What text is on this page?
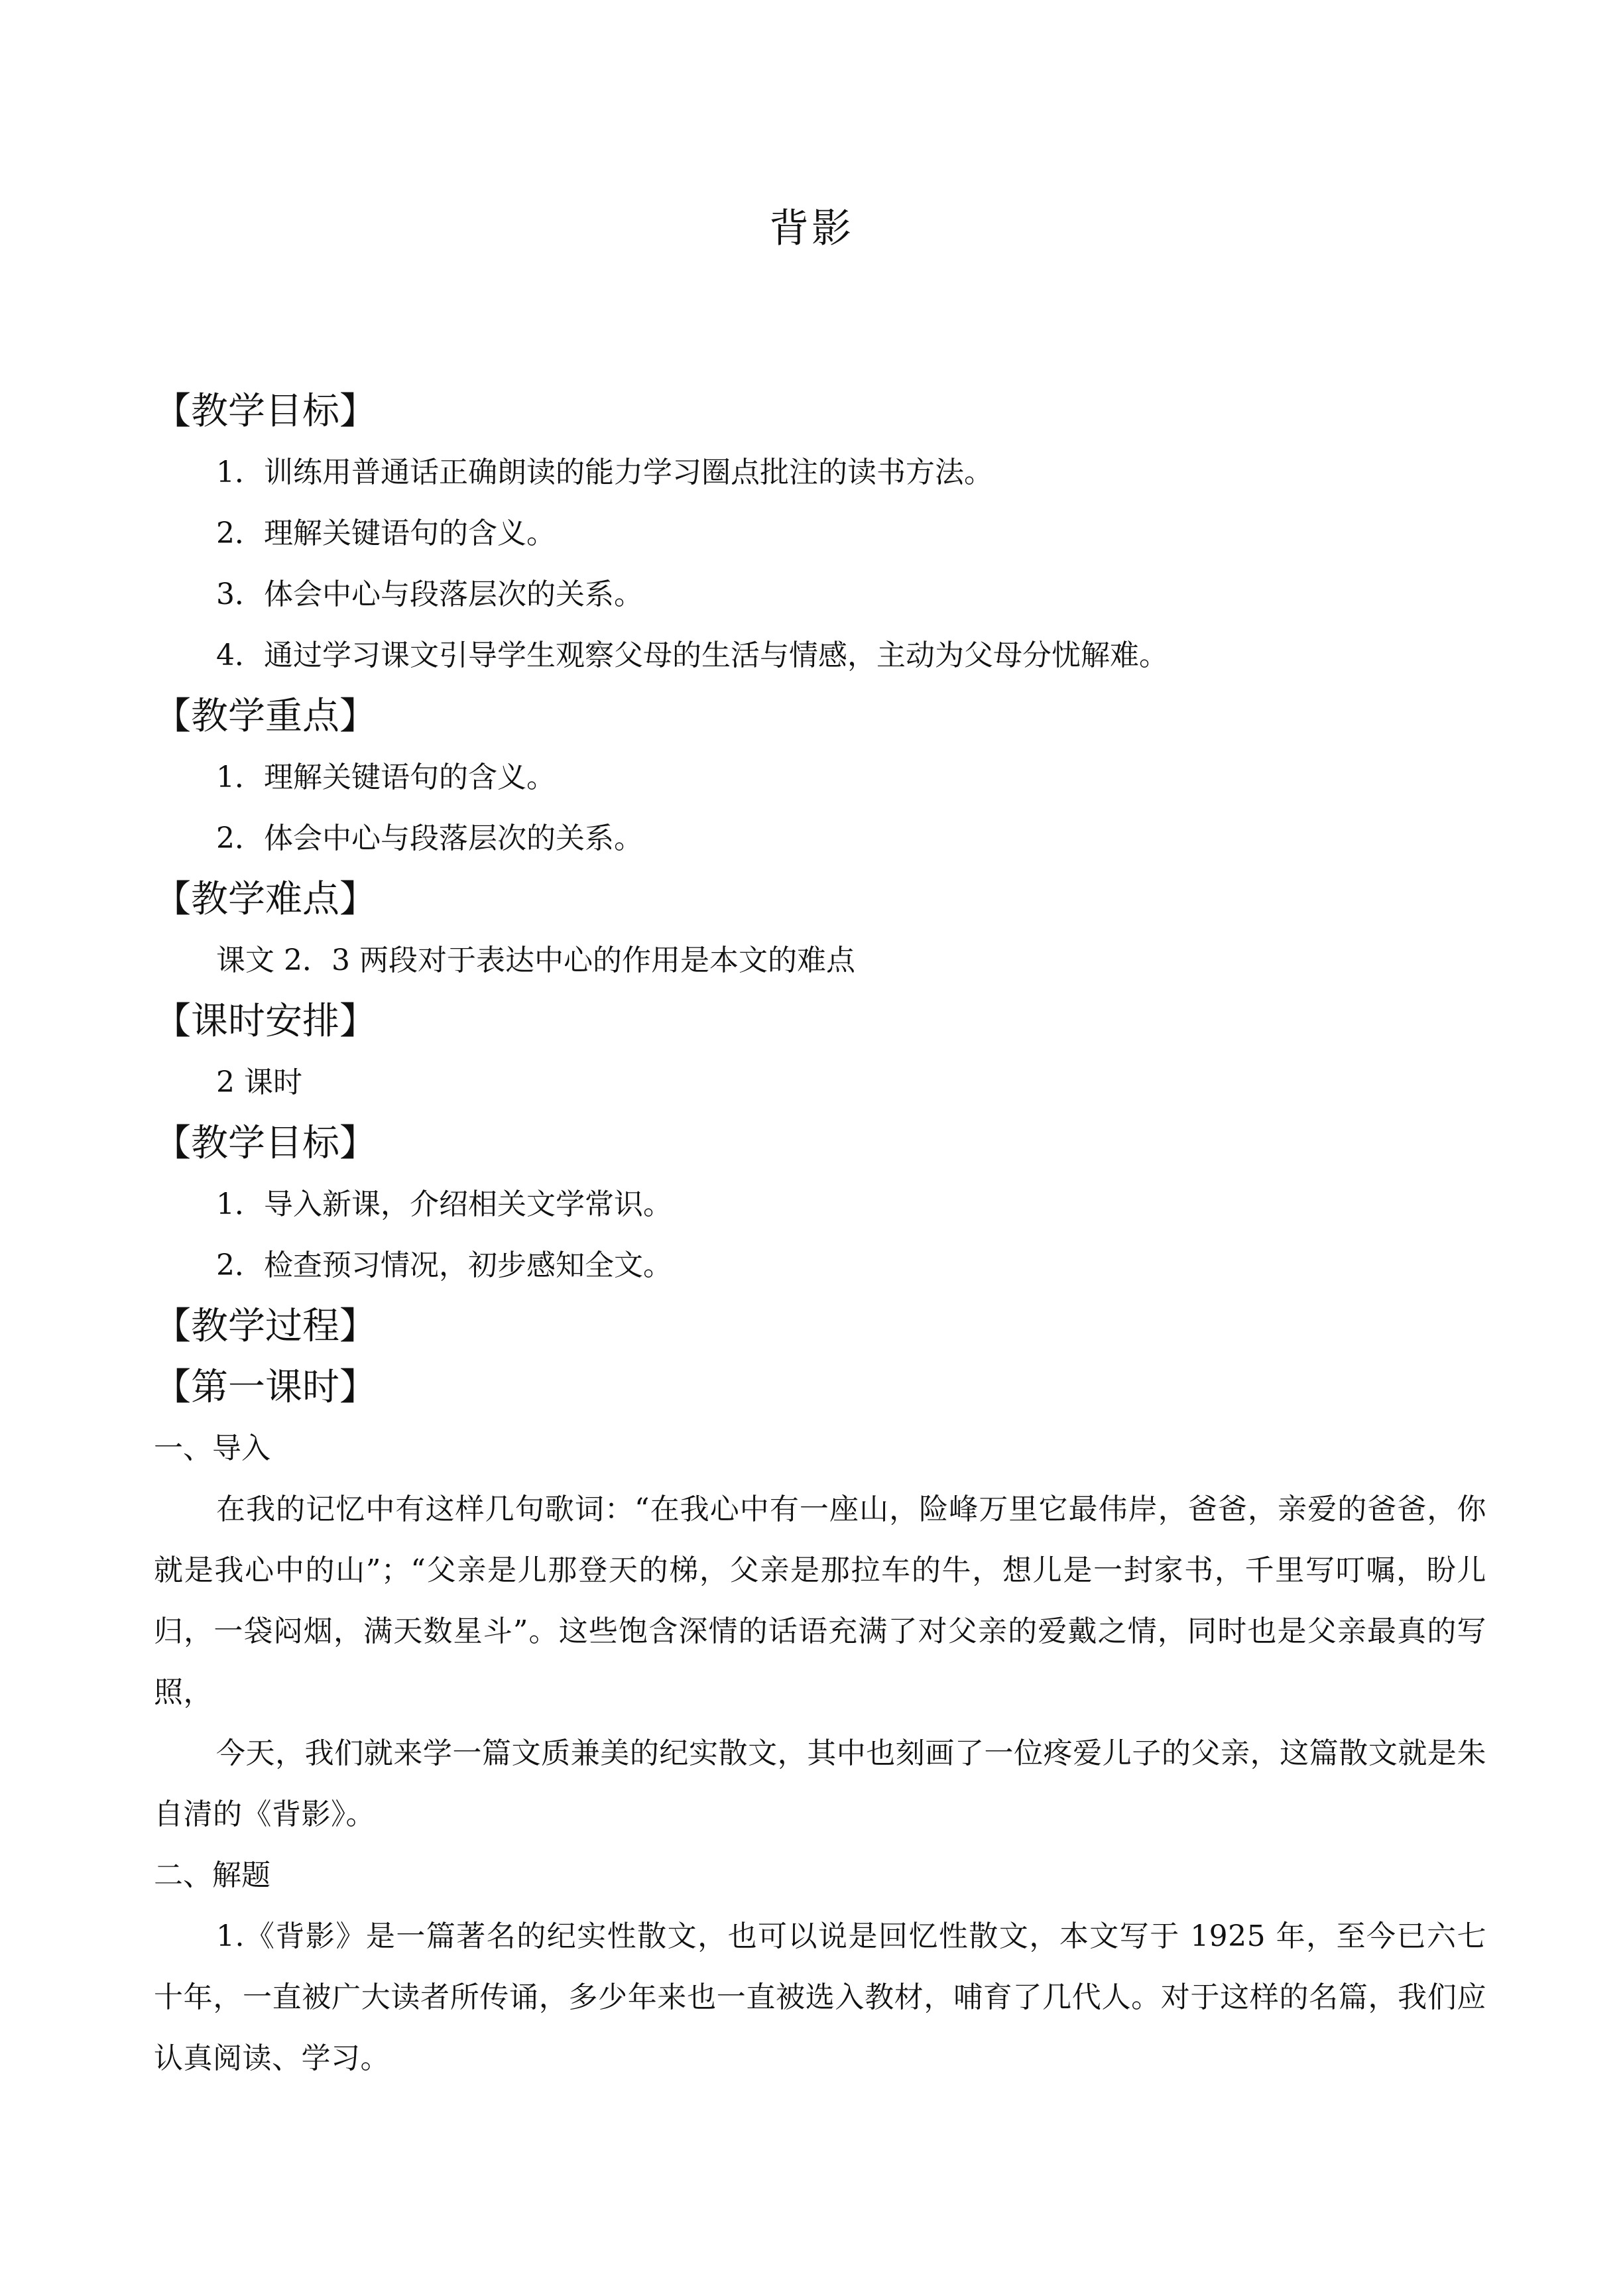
背影
【教学目标】
1．训练用普通话正确朗读的能力学习圈点批注的读书方法。
2．理解关键语句的含义。
3．体会中心与段落层次的关系。
4．通过学习课文引导学生观察父母的生活与情感，主动为父母分忧解难。
【教学重点】
1．理解关键语句的含义。
2．体会中心与段落层次的关系。
【教学难点】
课文 2．3 两段对于表达中心的作用是本文的难点
【课时安排】
2 课时
【教学目标】
1．导入新课，介绍相关文学常识。
2．检查预习情况，初步感知全文。
【教学过程】
【第一课时】
一、导入

在我的记忆中有这样几句歌词：“在我心中有一座山，险峰万里它最伟岸，爸爸，亲爱的爸爸，你就是我心中的山”；“父亲是儿那登天的梯，父亲是那拉车的牛，想儿是一封家书，千里写叮嘱，盼儿归，一袋闷烟，满天数星斗”。这些饱含深情的话语充满了对父亲的爱戴之情，同时也是父亲最真的写照，

今天，我们就来学一篇文质兼美的纪实散文，其中也刻画了一位疼爱儿子的父亲，这篇散文就是朱自清的《背影》。

二、解题

1.《背影》是一篇著名的纪实性散文，也可以说是回忆性散文，本文写于 1925 年，至今已六七十年，一直被广大读者所传诵，多少年来也一直被选入教材，哺育了几代人。对于这样的名篇，我们应认真阅读、学习。
